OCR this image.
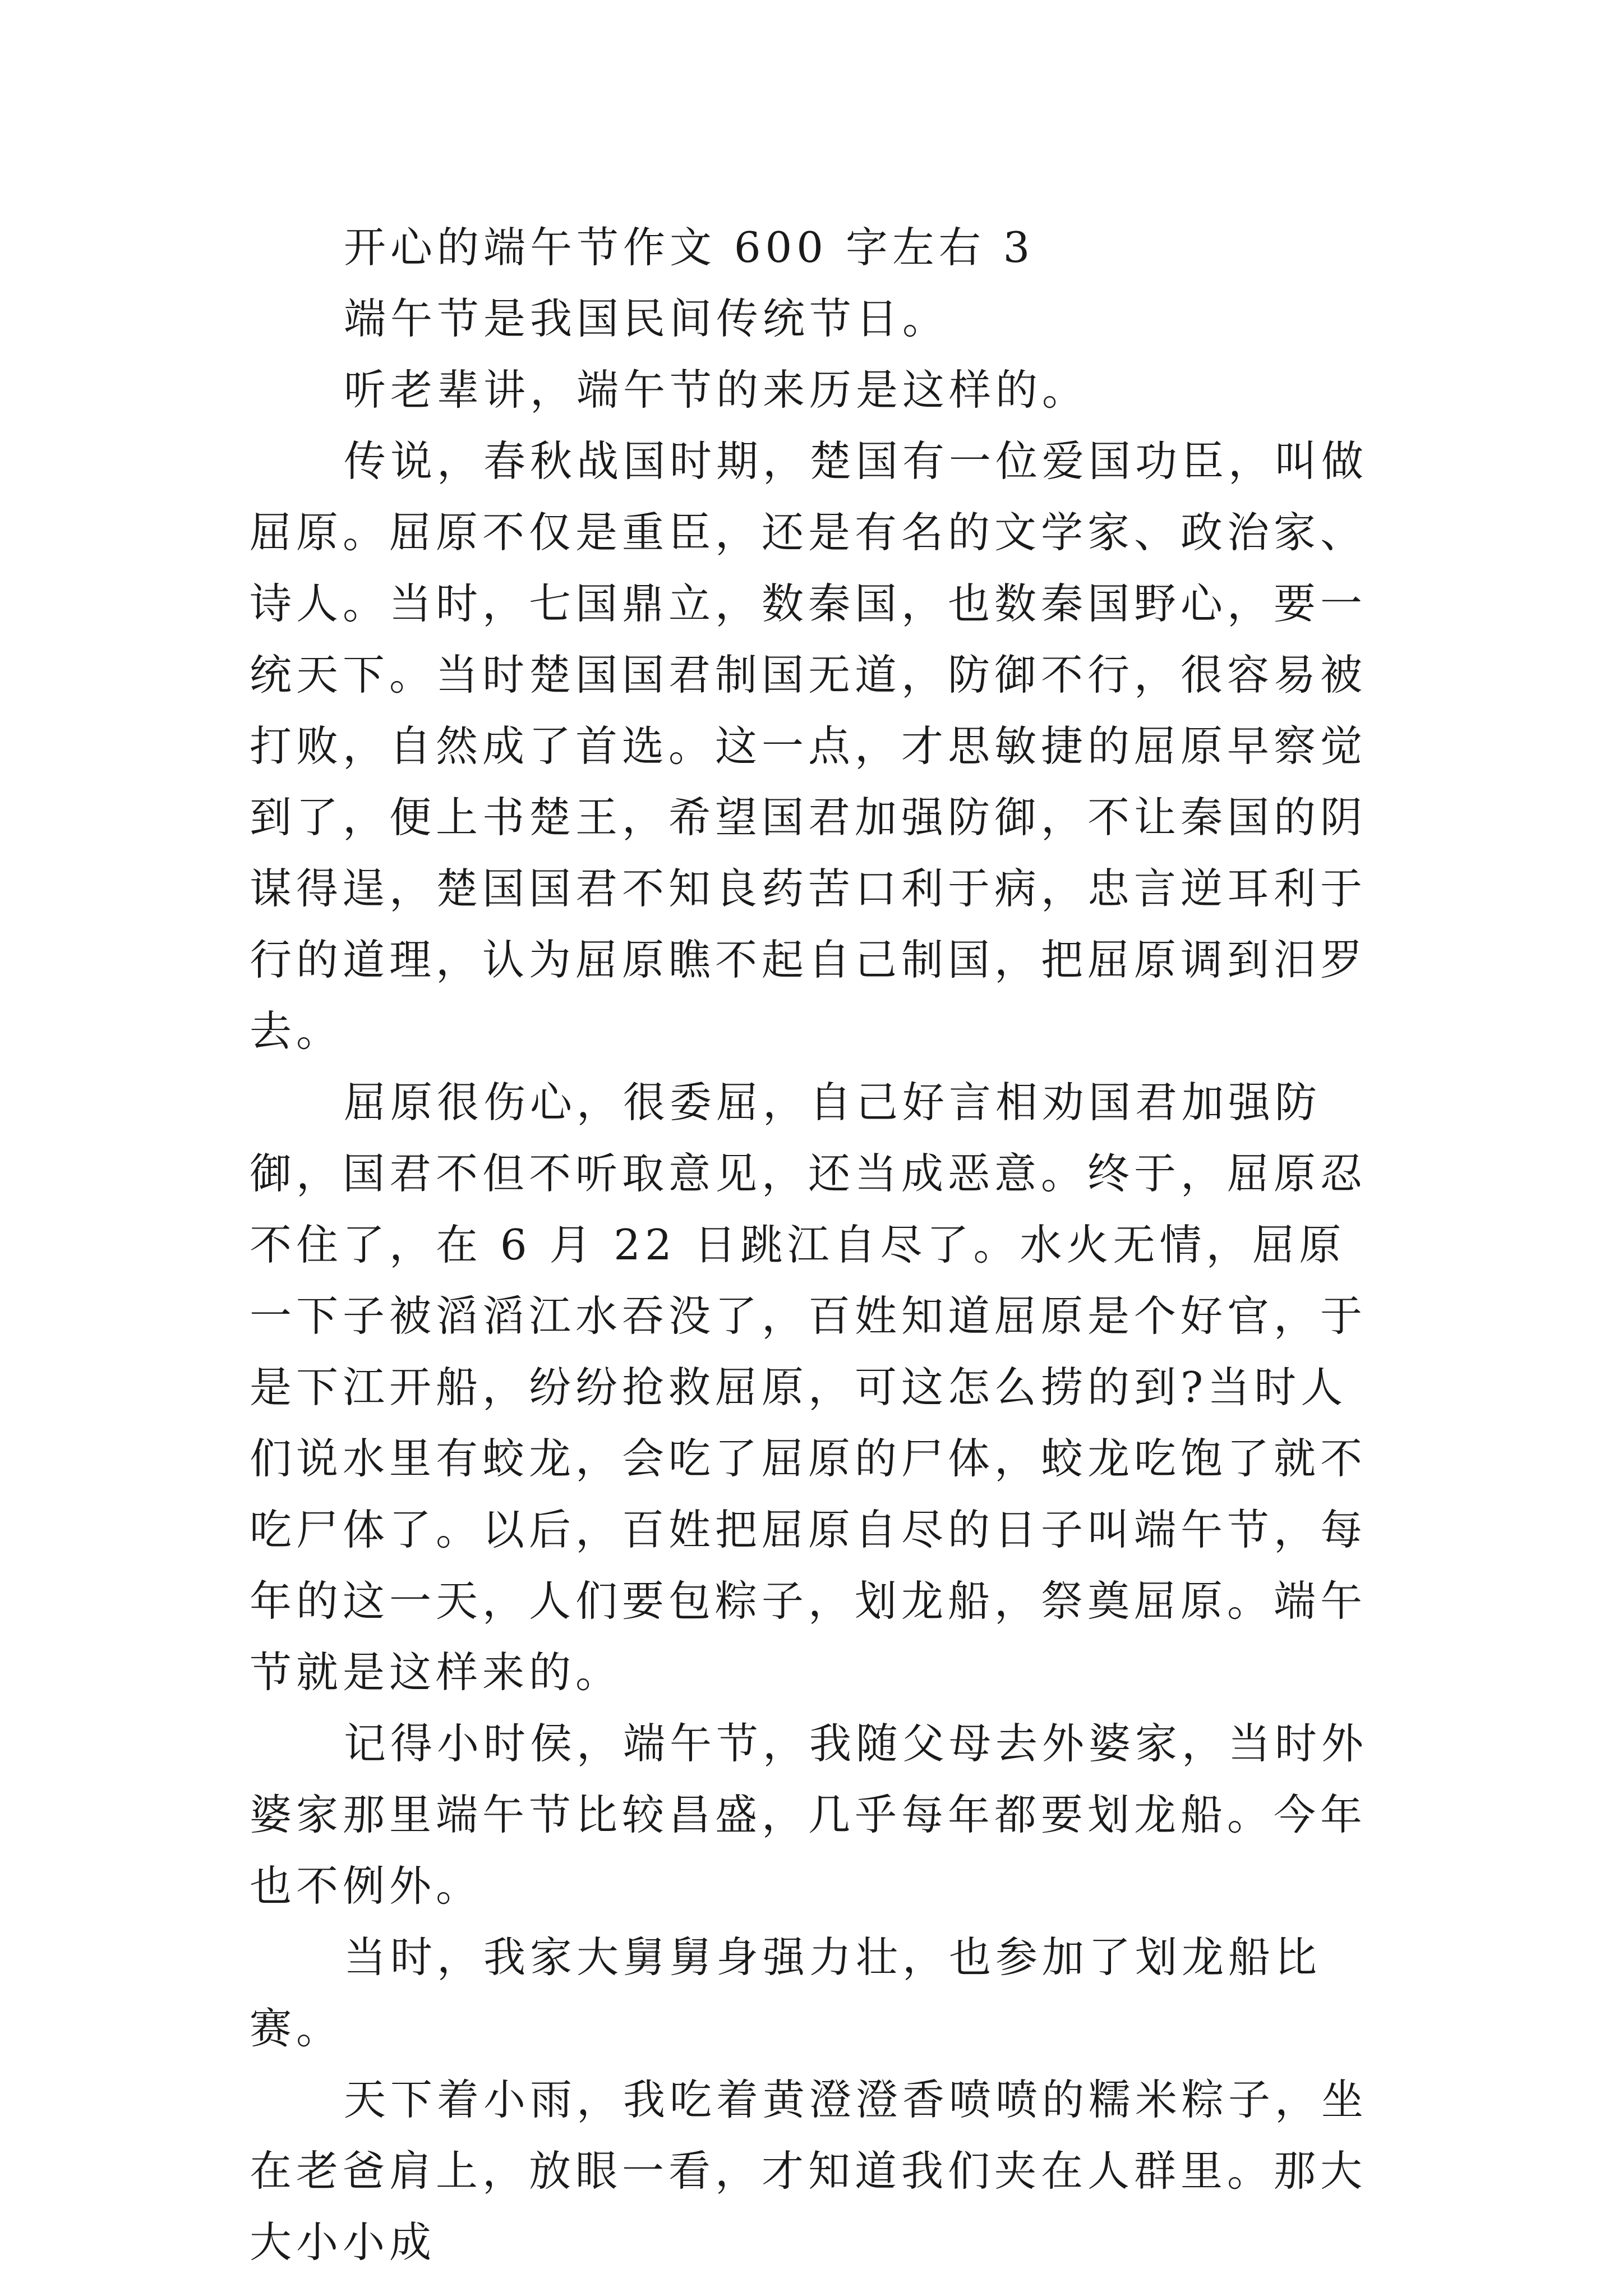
开心的端午节作文 600 字左右 3

端午节是我国民间传统节日。

听老辈讲，端午节的来历是这样的。

传说，春秋战国时期，楚国有一位爱国功臣，叫做屈原。屈原不仅是重臣，还是有名的文学家、政治家、诗人。当时，七国鼎立，数秦国，也数秦国野心，要一统天下。当时楚国国君制国无道，防御不行，很容易被打败，自然成了首选。这一点，才思敏捷的屈原早察觉到了，便上书楚王，希望国君加强防御，不让秦国的阴谋得逞，楚国国君不知良药苦口利于病，忠言逆耳利于行的道理，认为屈原瞧不起自己制国，把屈原调到汨罗去。

屈原很伤心，很委屈，自己好言相劝国君加强防御，国君不但不听取意见，还当成恶意。终于，屈原忍不住了，在 6 月 22 日跳江自尽了。水火无情，屈原一下子被滔滔江水吞没了，百姓知道屈原是个好官，于是下江开船，纷纷抢救屈原，可这怎么捞的到?当时人们说水里有蛟龙，会吃了屈原的尸体，蛟龙吃饱了就不吃尸体了。以后，百姓把屈原自尽的日子叫端午节，每年的这一天，人们要包粽子，划龙船，祭奠屈原。端午节就是这样来的。

记得小时侯，端午节，我随父母去外婆家，当时外婆家那里端午节比较昌盛，几乎每年都要划龙船。今年也不例外。

当时，我家大舅舅身强力壮，也参加了划龙船比赛。

天下着小雨，我吃着黄澄澄香喷喷的糯米粽子，坐在老爸肩上，放眼一看，才知道我们夹在人群里。那大大小小成
